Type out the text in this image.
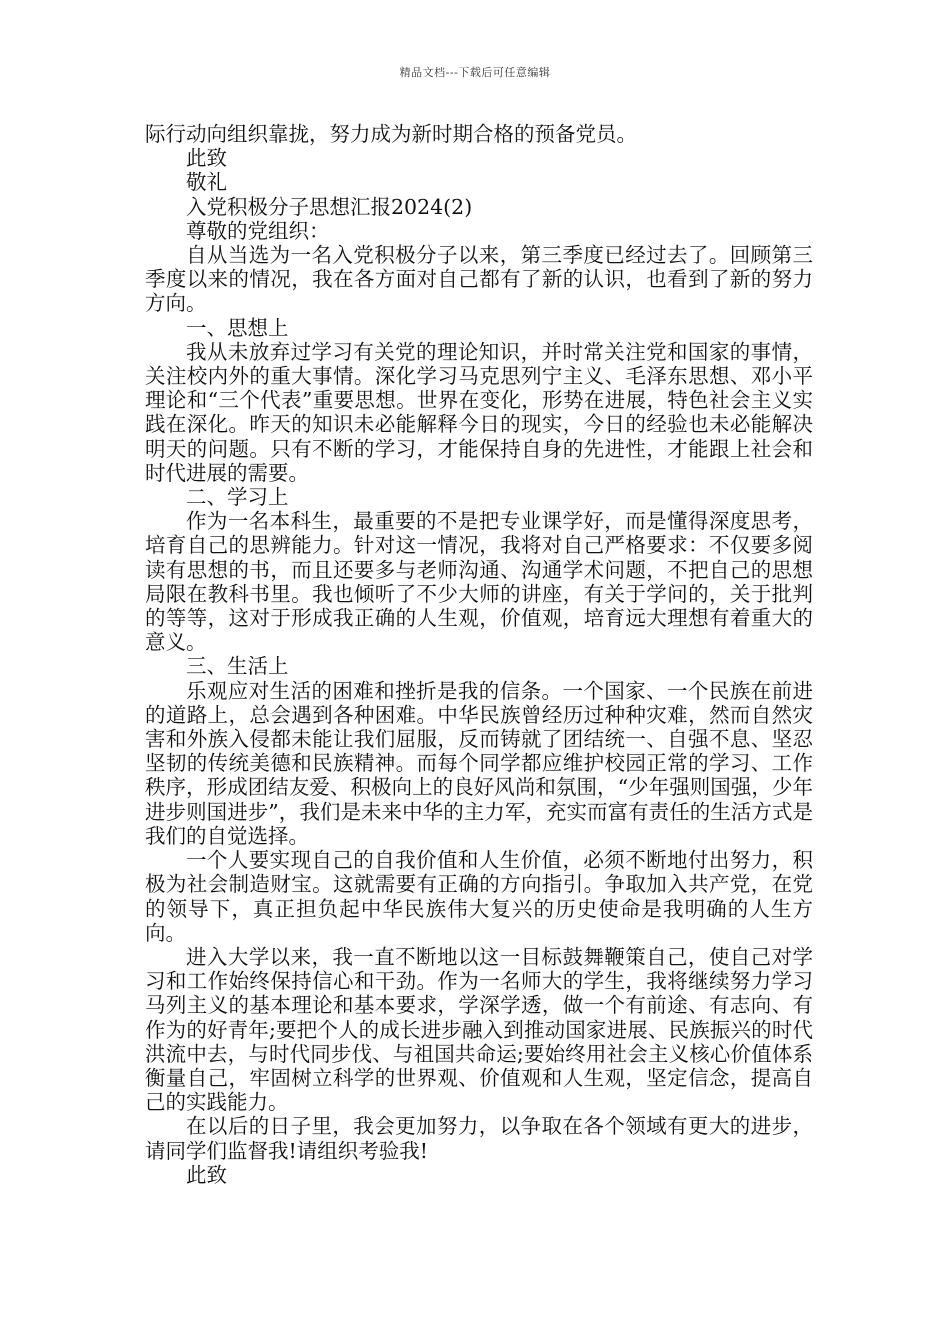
精品文档---下载后可任意编辑

际行动向组织靠拢，努力成为新时期合格的预备党员。

此致

敬礼

入党积极分子思想汇报2024(2)

尊敬的党组织：

自从当选为一名入党积极分子以来，第三季度已经过去了。回顾第三季度以来的情况，我在各方面对自己都有了新的认识，也看到了新的努力方向。

一、思想上

我从未放弃过学习有关党的理论知识，并时常关注党和国家的事情，关注校内外的重大事情。深化学习马克思列宁主义、毛泽东思想、邓小平理论和“三个代表”重要思想。世界在变化，形势在进展，特色社会主义实践在深化。昨天的知识未必能解释今日的现实，今日的经验也未必能解决明天的问题。只有不断的学习，才能保持自身的先进性，才能跟上社会和时代进展的需要。

二、学习上

作为一名本科生，最重要的不是把专业课学好，而是懂得深度思考，培育自己的思辨能力。针对这一情况，我将对自己严格要求：不仅要多阅读有思想的书，而且还要多与老师沟通、沟通学术问题，不把自己的思想局限在教科书里。我也倾听了不少大师的讲座，有关于学问的，关于批判的等等，这对于形成我正确的人生观，价值观，培育远大理想有着重大的意义。

三、生活上

乐观应对生活的困难和挫折是我的信条。一个国家、一个民族在前进的道路上，总会遇到各种困难。中华民族曾经历过种种灾难，然而自然灾害和外族入侵都未能让我们屈服，反而铸就了团结统一、自强不息、坚忍坚韧的传统美德和民族精神。而每个同学都应维护校园正常的学习、工作秩序，形成团结友爱、积极向上的良好风尚和氛围，“少年强则国强，少年进步则国进步”，我们是未来中华的主力军，充实而富有责任的生活方式是我们的自觉选择。

一个人要实现自己的自我价值和人生价值，必须不断地付出努力，积极为社会制造财宝。这就需要有正确的方向指引。争取加入共产党，在党的领导下，真正担负起中华民族伟大复兴的历史使命是我明确的人生方向。

进入大学以来，我一直不断地以这一目标鼓舞鞭策自己，使自己对学习和工作始终保持信心和干劲。作为一名师大的学生，我将继续努力学习马列主义的基本理论和基本要求，学深学透，做一个有前途、有志向、有作为的好青年;要把个人的成长进步融入到推动国家进展、民族振兴的时代洪流中去，与时代同步伐、与祖国共命运;要始终用社会主义核心价值体系衡量自己，牢固树立科学的世界观、价值观和人生观，坚定信念，提高自己的实践能力。

在以后的日子里，我会更加努力，以争取在各个领域有更大的进步，请同学们监督我!请组织考验我!

此致
